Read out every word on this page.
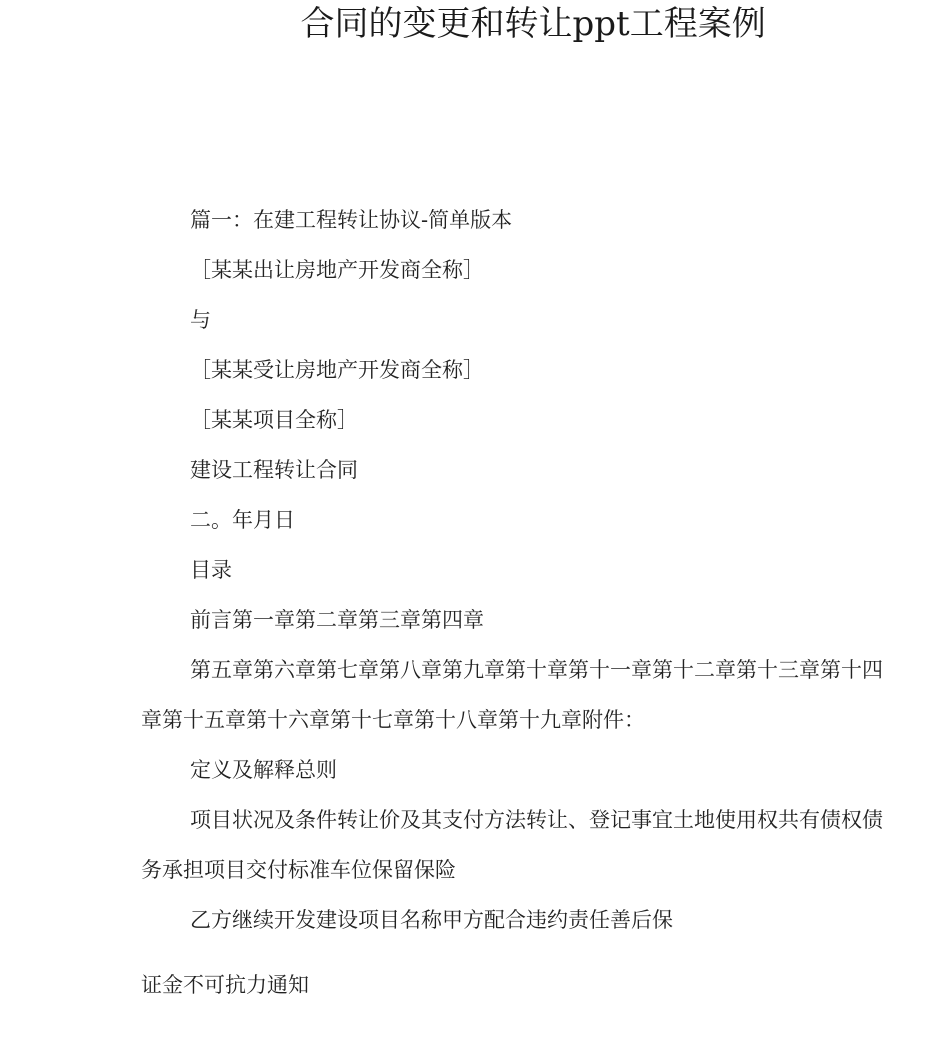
合同的变更和转让ppt工程案例
篇一：在建工程转让协议-简单版本
［某某出让房地产开发商全称］
与
［某某受让房地产开发商全称］
［某某项目全称］
建设工程转让合同
二。年月日
目录
前言第一章第二章第三章第四章
第五章第六章第七章第八章第九章第十章第十一章第十二章第十三章第十四
章第十五章第十六章第十七章第十八章第十九章附件：
定义及解释总则
项目状况及条件转让价及其支付方法转让、登记事宜土地使用权共有债权债
务承担项目交付标准车位保留保险
乙方继续开发建设项目名称甲方配合违约责任善后保
证金不可抗力通知
